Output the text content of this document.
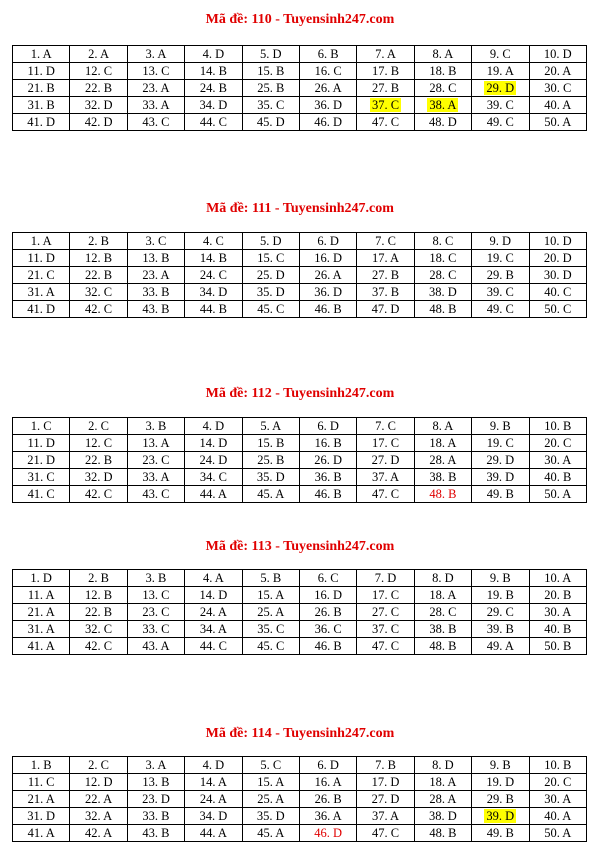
Mã đề: 110 - Tuyensinh247.com
1. A	2. A	3. A	4. D	5. D	6. B	7. A	8. A	9. C	10. D
11. D	12. C	13. C	14. B	15. B	16. C	17. B	18. B	19. A	20. A
21. B	22. B	23. A	24. B	25. B	26. A	27. B	28. C	29. D	30. C
31. B	32. D	33. A	34. D	35. C	36. D	37. C	38. A	39. C	40. A
41. D	42. D	43. C	44. C	45. D	46. D	47. C	48. D	49. C	50. A
Mã đề: 111 - Tuyensinh247.com
1. A	2. B	3. C	4. C	5. D	6. D	7. C	8. C	9. D	10. D
11. D	12. B	13. B	14. B	15. C	16. D	17. A	18. C	19. C	20. D
21. C	22. B	23. A	24. C	25. D	26. A	27. B	28. C	29. B	30. D
31. A	32. C	33. B	34. D	35. D	36. D	37. B	38. D	39. C	40. C
41. D	42. C	43. B	44. B	45. C	46. B	47. D	48. B	49. C	50. C
Mã đề: 112 - Tuyensinh247.com
1. C	2. C	3. B	4. D	5. A	6. D	7. C	8. A	9. B	10. B
11. D	12. C	13. A	14. D	15. B	16. B	17. C	18. A	19. C	20. C
21. D	22. B	23. C	24. D	25. B	26. D	27. D	28. A	29. D	30. A
31. C	32. D	33. A	34. C	35. D	36. B	37. A	38. B	39. D	40. B
41. C	42. C	43. C	44. A	45. A	46. B	47. C	48. B	49. B	50. A
Mã đề: 113 - Tuyensinh247.com
1. D	2. B	3. B	4. A	5. B	6. C	7. D	8. D	9. B	10. A
11. A	12. B	13. C	14. D	15. A	16. D	17. C	18. A	19. B	20. B
21. A	22. B	23. C	24. A	25. A	26. B	27. C	28. C	29. C	30. A
31. A	32. C	33. C	34. A	35. C	36. C	37. C	38. B	39. B	40. B
41. A	42. C	43. A	44. C	45. C	46. B	47. C	48. B	49. A	50. B
Mã đề: 114 - Tuyensinh247.com
1. B	2. C	3. A	4. D	5. C	6. D	7. B	8. D	9. B	10. B
11. C	12. D	13. B	14. A	15. A	16. A	17. D	18. A	19. D	20. C
21. A	22. A	23. D	24. A	25. A	26. B	27. D	28. A	29. B	30. A
31. D	32. A	33. B	34. D	35. D	36. A	37. A	38. D	39. D	40. A
41. A	42. A	43. B	44. A	45. A	46. D	47. C	48. B	49. B	50. A
